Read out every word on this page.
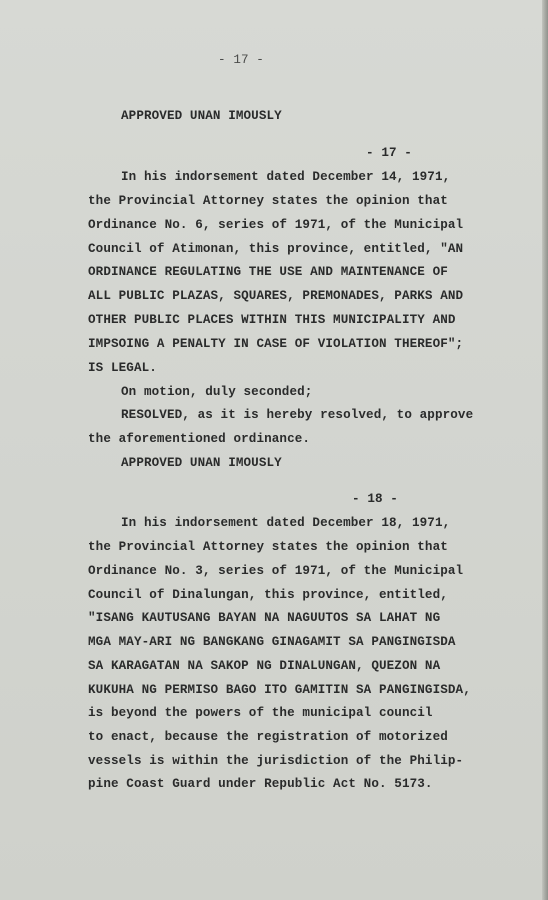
- 17 -
APPROVED UNAN IMOUSLY
- 17 -
In his indorsement dated December 14, 1971,
the Provincial Attorney states the opinion that
Ordinance No. 6, series of 1971, of the Municipal
Council of Atimonan, this province, entitled, "AN
ORDINANCE REGULATING THE USE AND MAINTENANCE OF
ALL PUBLIC PLAZAS, SQUARES, PREMONADES, PARKS AND
OTHER PUBLIC PLACES WITHIN THIS MUNICIPALITY AND
IMPSOING A PENALTY IN CASE OF VIOLATION THEREOF";
IS LEGAL.
On motion, duly seconded;
RESOLVED, as it is hereby resolved, to approve
the aforementioned ordinance.
APPROVED UNAN IMOUSLY
- 18 -
In his indorsement dated December 18, 1971,
the Provincial Attorney states the opinion that
Ordinance No. 3, series of 1971, of the Municipal
Council of Dinalungan, this province, entitled,
"ISANG KAUTUSANG BAYAN NA NAGUUTOS SA LAHAT NG
MGA MAY-ARI NG BANGKANG GINAGAMIT SA PANGINGISDA
SA KARAGATAN NA SAKOP NG DINALUNGAN, QUEZON NA
KUKUHA NG PERMISO BAGO ITO GAMITIN SA PANGINGISDA,
is beyond the powers of the municipal council
to enact, because the registration of motorized
vessels is within the jurisdiction of the Philip-
pine Coast Guard under Republic Act No. 5173.
